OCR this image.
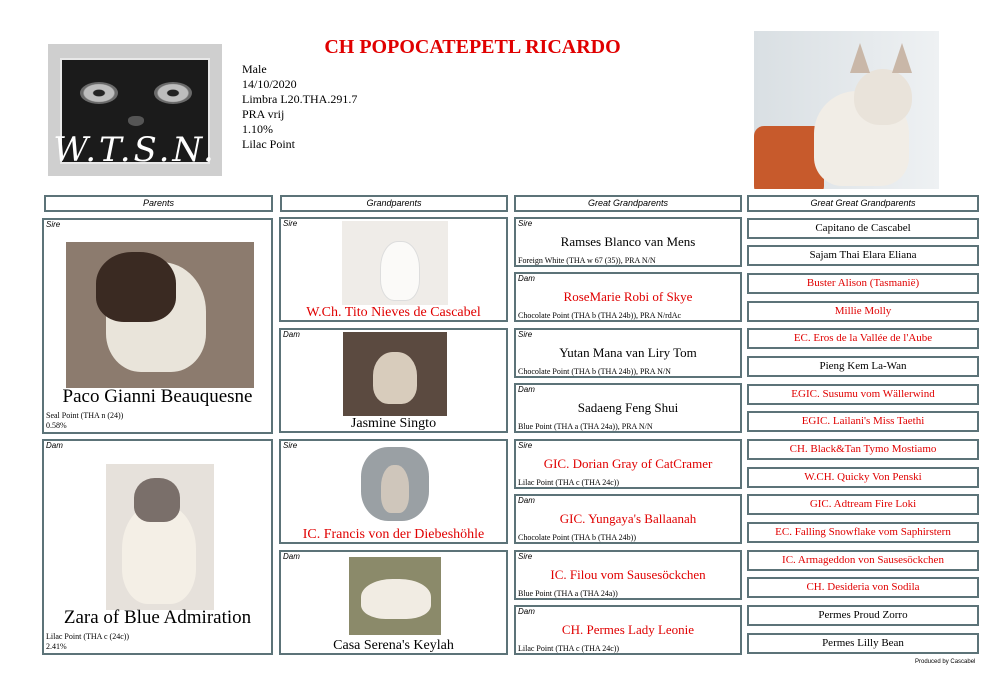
W.T.S.N.
CH POPOCATEPETL RICARDO
Male
14/10/2020
Limbra L20.THA.291.7
PRA vrij
1.10%
Lilac Point
Parents	Grandparents	Great Grandparents	Great Great Grandparents
Sire
Paco Gianni Beauquesne
Seal Point (THA n (24))
0.58%
Dam
Zara of Blue Admiration
Lilac Point (THA c (24c))
2.41%
Sire
W.Ch. Tito Nieves de Cascabel
Dam
Jasmine Singto
Sire
IC. Francis von der Diebeshöhle
Dam
Casa Serena's Keylah
Sire
Ramses Blanco van Mens
Foreign White (THA w 67 (35)), PRA N/N
Dam
RoseMarie Robi of Skye
Chocolate Point (THA b (THA 24b)), PRA N/rdAc
Sire
Yutan Mana van Liry Tom
Chocolate Point (THA b (THA 24b)), PRA N/N
Dam
Sadaeng Feng Shui
Blue Point (THA a (THA 24a)), PRA N/N
Sire
GIC. Dorian Gray of CatCramer
Lilac Point (THA c (THA 24c))
Dam
GIC. Yungaya's Ballaanah
Chocolate Point (THA b (THA 24b))
Sire
IC. Filou vom Sausesöckchen
Blue Point (THA a (THA 24a))
Dam
CH. Permes Lady Leonie
Lilac Point (THA c (THA 24c))
Capitano de Cascabel
Sajam Thai Elara Eliana
Buster Alison (Tasmanië)
Millie Molly
EC. Eros de la Vallée de l'Aube
Pieng Kem La-Wan
EGIC. Susumu vom Wällerwind
EGIC. Lailani's Miss Taethi
CH. Black&Tan Tymo Mostiamo
W.CH. Quicky Von Penski
GIC. Adtream Fire Loki
EC. Falling Snowflake vom Saphirstern
IC. Armageddon von Sausesöckchen
CH. Desideria von Sodila
Permes Proud Zorro
Permes Lilly Bean
Produced by Cascabel
